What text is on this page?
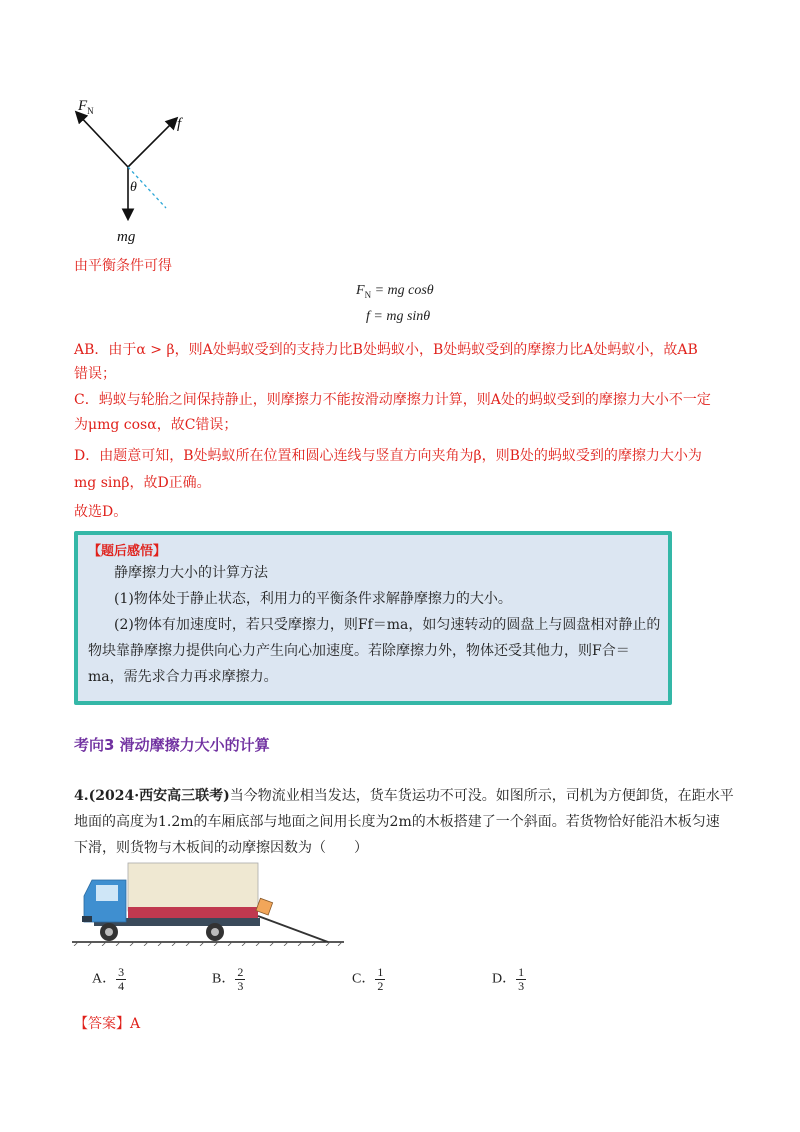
$F_N$
f
θ
mg
由平衡条件可得
$F_N$ = mg cosθ
f = mg sinθ
AB．由于α > β，则A处蚂蚁受到的支持力比B处蚂蚁小，B处蚂蚁受到的摩擦力比A处蚂蚁小，故AB
错误；
C．蚂蚁与轮胎之间保持静止，则摩擦力不能按滑动摩擦力计算，则A处的蚂蚁受到的摩擦力大小不一定
为μmg cosα，故C错误；
D．由题意可知，B处蚂蚁所在位置和圆心连线与竖直方向夹角为β，则B处的蚂蚁受到的摩擦力大小为
mg sinβ，故D正确。
故选D。
【题后感悟】
静摩擦力大小的计算方法
(1)物体处于静止状态，利用力的平衡条件求解静摩擦力的大小。
(2)物体有加速度时，若只受摩擦力，则Ff＝ma，如匀速转动的圆盘上与圆盘相对静止的
物块靠静摩擦力提供向心力产生向心加速度。若除摩擦力外，物体还受其他力，则F合＝
ma，需先求合力再求摩擦力。
考向3 滑动摩擦力大小的计算
4.(2024·西安高三联考)当今物流业相当发达，货车货运功不可没。如图所示，司机为方便卸货，在距水平
地面的高度为1.2m的车厢底部与地面之间用长度为2m的木板搭建了一个斜面。若货物恰好能沿木板匀速
下滑，则货物与木板间的动摩擦因数为（　　）
A． $\frac{3}{4}$	B． $\frac{2}{3}$	C． $\frac{1}{2}$	D． $\frac{1}{3}$
【答案】A
